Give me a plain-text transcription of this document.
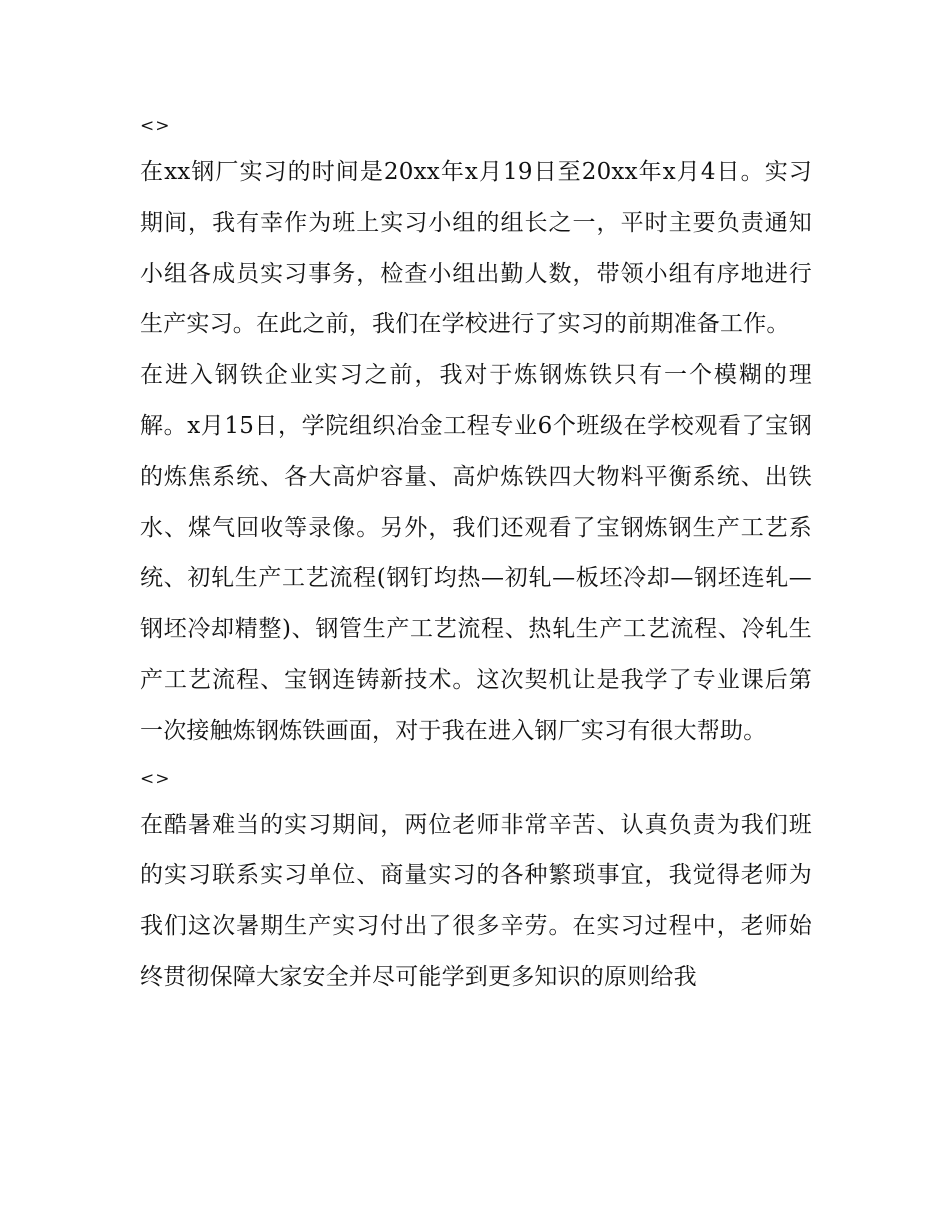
<>

在xx钢厂实习的时间是20xx年x月19日至20xx年x月4日。实习期间，我有幸作为班上实习小组的组长之一，平时主要负责通知小组各成员实习事务，检查小组出勤人数，带领小组有序地进行生产实习。在此之前，我们在学校进行了实习的前期准备工作。

在进入钢铁企业实习之前，我对于炼钢炼铁只有一个模糊的理解。x月15日，学院组织冶金工程专业6个班级在学校观看了宝钢的炼焦系统、各大高炉容量、高炉炼铁四大物料平衡系统、出铁水、煤气回收等录像。另外，我们还观看了宝钢炼钢生产工艺系统、初轧生产工艺流程(钢钉均热—初轧—板坯冷却—钢坯连轧—钢坯冷却精整)、钢管生产工艺流程、热轧生产工艺流程、冷轧生产工艺流程、宝钢连铸新技术。这次契机让是我学了专业课后第一次接触炼钢炼铁画面，对于我在进入钢厂实习有很大帮助。

<>

在酷暑难当的实习期间，两位老师非常辛苦、认真负责为我们班的实习联系实习单位、商量实习的各种繁琐事宜，我觉得老师为我们这次暑期生产实习付出了很多辛劳。在实习过程中，老师始终贯彻保障大家安全并尽可能学到更多知识的原则给我
